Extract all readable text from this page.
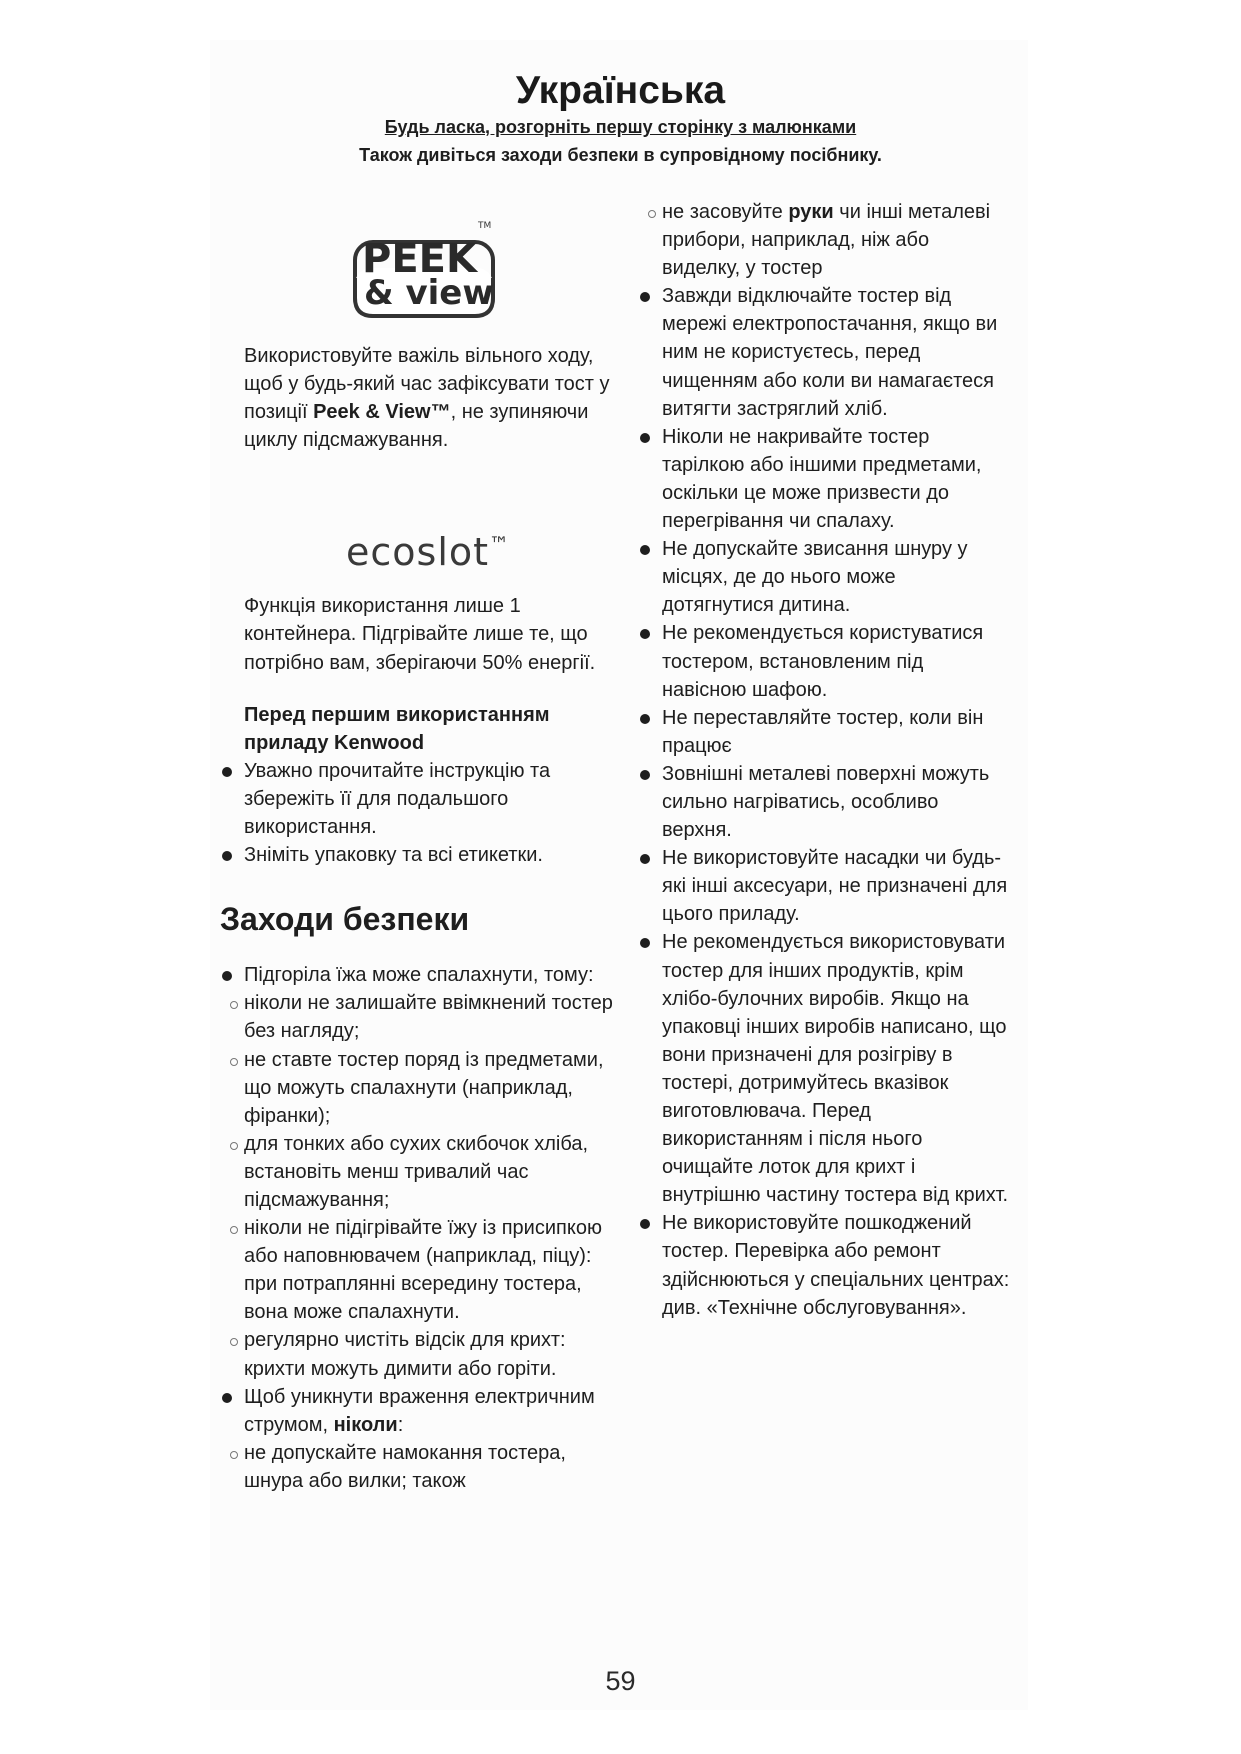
Українська
Будь ласка, розгорніть першу сторінку з малюнками
Також дивіться заходи безпеки в супровідному посібнику.
PEEK
TM
& view
ecoslot™

Використовуйте важіль вільного ходу, щоб у будь-який час зафіксувати тост у позиції Peek & View™, не зупиняючи циклу підсмажування.

Функція використання лише 1 контейнера. Підгрівайте лише те, що потрібно вам, зберігаючи 50% енергії.

Перед першим використанням приладу Kenwood

Уважно прочитайте інструкцію та збережіть її для подальшого використання.
Зніміть упаковку та всі етикетки.
Заходи безпеки
Підгоріла їжа може спалахнути, тому:
ніколи не залишайте ввімкнений тостер без нагляду;
не ставте тостер поряд із предметами, що можуть спалахнути (наприклад, фіранки);
для тонких або сухих скибочок хліба, встановіть менш тривалий час підсмажування;
ніколи не підігрівайте їжу із присипкою або наповнювачем (наприклад, піцу): при потраплянні всередину тостера, вона може спалахнути.
регулярно чистіть відсік для крихт: крихти можуть димити або горіти.
Щоб уникнути враження електричним струмом, ніколи:
не допускайте намокання тостера, шнура або вилки; також
не засовуйте руки чи інші металеві прибори, наприклад, ніж або виделку, у тостер
Завжди відключайте тостер від мережі електропостачання, якщо ви ним не користуєтесь, перед чищенням або коли ви намагаєтеся витягти застряглий хліб.
Ніколи не накривайте тостер тарілкою або іншими предметами, оскільки це може призвести до перегрівання чи спалаху.
Не допускайте звисання шнуру у місцях, де до нього може дотягнутися дитина.
Не рекомендується користуватися тостером, встановленим під навісною шафою.
Не переставляйте тостер, коли він працює
Зовнішні металеві поверхні можуть сильно нагріватись, особливо верхня.
Не використовуйте насадки чи будь-які інші аксесуари, не призначені для цього приладу.
Не рекомендується використовувати тостер для інших продуктів, крім хлібо-булочних виробів. Якщо на упаковці інших виробів написано, що вони призначені для розігріву в тостері, дотримуйтесь вказівок виготовлювача. Перед використанням і після нього очищайте лоток для крихт і внутрішню частину тостера від крихт.
Не використовуйте пошкоджений тостер. Перевірка або ремонт здійснюються у спеціальних центрах: див. «Технічне обслуговування».
59
